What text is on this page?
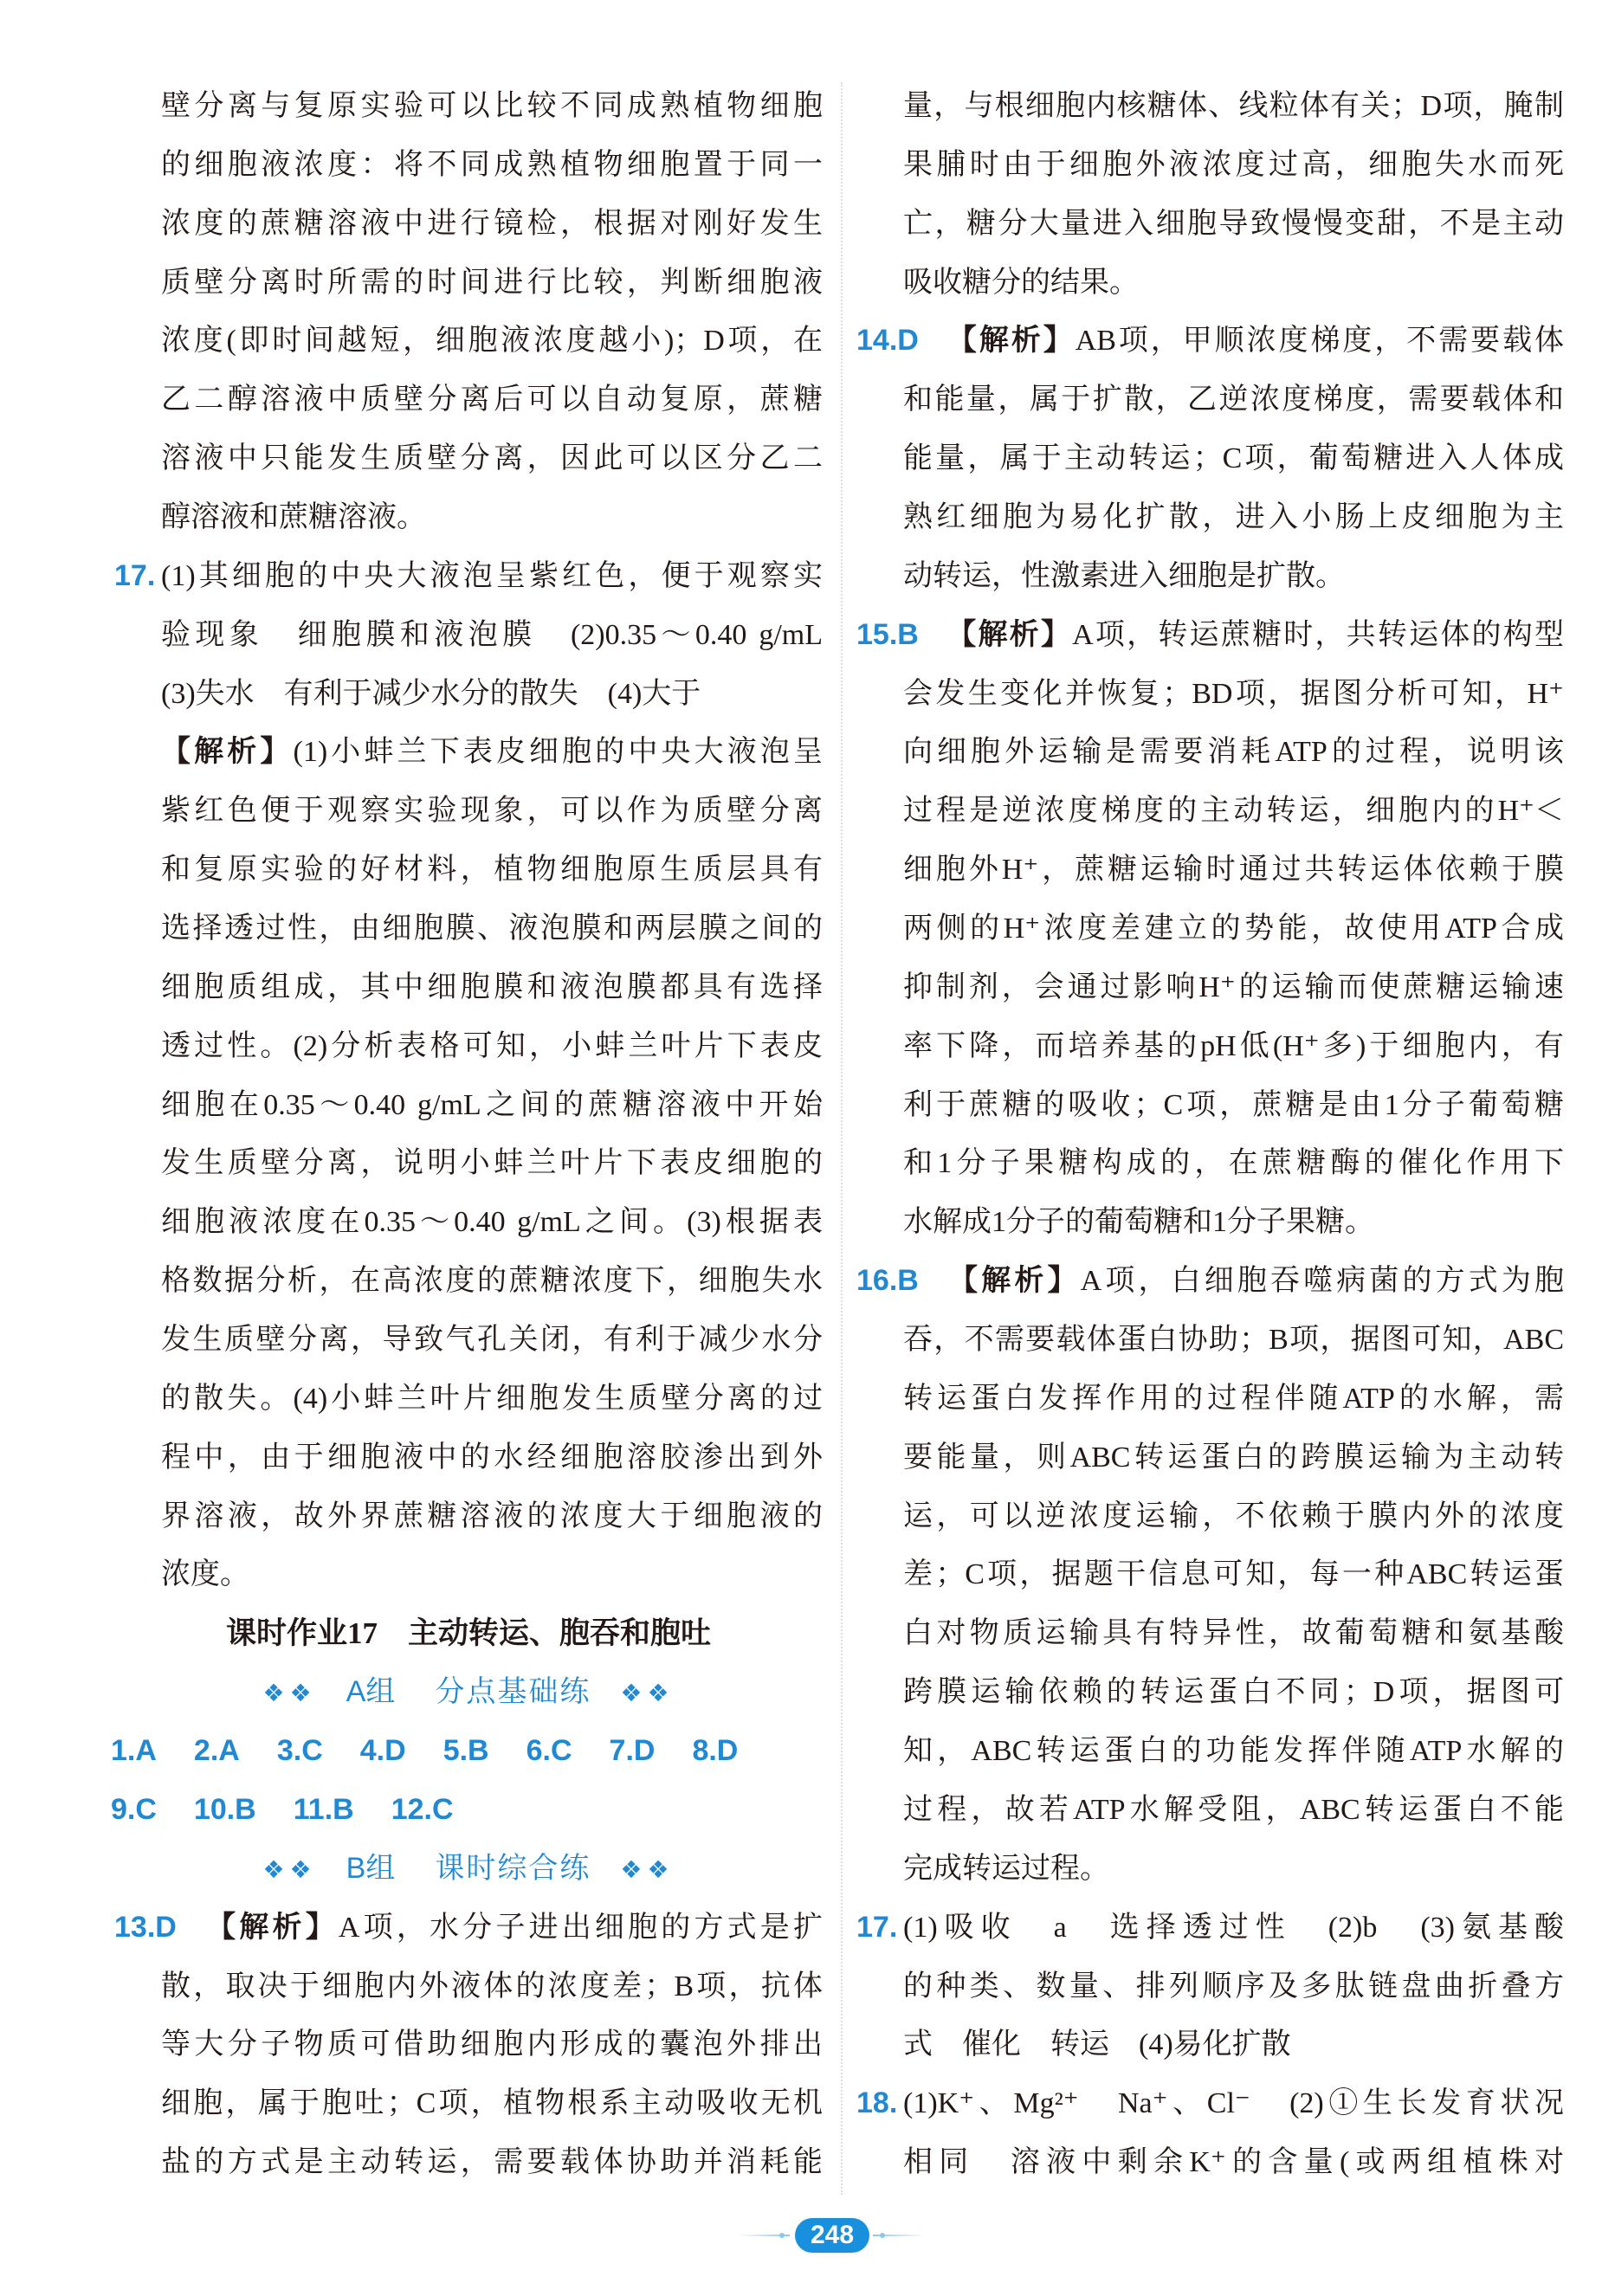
壁分离与复原实验可以比较不同成熟植物细胞
的细胞液浓度：将不同成熟植物细胞置于同一
浓度的蔗糖溶液中进行镜检，根据对刚好发生
质壁分离时所需的时间进行比较，判断细胞液
浓度(即时间越短，细胞液浓度越小)；D项，在
乙二醇溶液中质壁分离后可以自动复原，蔗糖
溶液中只能发生质壁分离，因此可以区分乙二
醇溶液和蔗糖溶液。
17. (1)其细胞的中央大液泡呈紫红色，便于观察实
验现象　细胞膜和液泡膜　(2)0.35～0.40 g/mL
(3)失水　有利于减少水分的散失　(4)大于
【解析】(1)小蚌兰下表皮细胞的中央大液泡呈
紫红色便于观察实验现象，可以作为质壁分离
和复原实验的好材料，植物细胞原生质层具有
选择透过性，由细胞膜、液泡膜和两层膜之间的
细胞质组成，其中细胞膜和液泡膜都具有选择
透过性。(2)分析表格可知，小蚌兰叶片下表皮
细胞在0.35～0.40 g/mL之间的蔗糖溶液中开始
发生质壁分离，说明小蚌兰叶片下表皮细胞的
细胞液浓度在0.35～0.40 g/mL之间。(3)根据表
格数据分析，在高浓度的蔗糖浓度下，细胞失水
发生质壁分离，导致气孔关闭，有利于减少水分
的散失。(4)小蚌兰叶片细胞发生质壁分离的过
程中，由于细胞液中的水经细胞溶胶渗出到外
界溶液，故外界蔗糖溶液的浓度大于细胞液的
浓度。
课时作业17　主动转运、胞吞和胞吐
❖❖A组 分点基础练❖❖
1.A 2.A 3.C 4.D 5.B 6.C 7.D 8.D
9.C 10.B 11.B 12.C
❖❖B组 课时综合练❖❖
13.D 【解析】A项，水分子进出细胞的方式是扩
散，取决于细胞内外液体的浓度差；B项，抗体
等大分子物质可借助细胞内形成的囊泡外排出
细胞，属于胞吐；C项，植物根系主动吸收无机
盐的方式是主动转运，需要载体协助并消耗能
量，与根细胞内核糖体、线粒体有关；D项，腌制
果脯时由于细胞外液浓度过高，细胞失水而死
亡，糖分大量进入细胞导致慢慢变甜，不是主动
吸收糖分的结果。
14.D 【解析】AB项，甲顺浓度梯度，不需要载体
和能量，属于扩散，乙逆浓度梯度，需要载体和
能量，属于主动转运；C项，葡萄糖进入人体成
熟红细胞为易化扩散，进入小肠上皮细胞为主
动转运，性激素进入细胞是扩散。
15.B 【解析】A项，转运蔗糖时，共转运体的构型
会发生变化并恢复；BD项，据图分析可知，H⁺
向细胞外运输是需要消耗ATP的过程，说明该
过程是逆浓度梯度的主动转运，细胞内的H⁺＜
细胞外H⁺，蔗糖运输时通过共转运体依赖于膜
两侧的H⁺浓度差建立的势能，故使用ATP合成
抑制剂，会通过影响H⁺的运输而使蔗糖运输速
率下降，而培养基的pH低(H⁺多)于细胞内，有
利于蔗糖的吸收；C项，蔗糖是由1分子葡萄糖
和1分子果糖构成的，在蔗糖酶的催化作用下
水解成1分子的葡萄糖和1分子果糖。
16.B 【解析】A项，白细胞吞噬病菌的方式为胞
吞，不需要载体蛋白协助；B项，据图可知，ABC
转运蛋白发挥作用的过程伴随ATP的水解，需
要能量，则ABC转运蛋白的跨膜运输为主动转
运，可以逆浓度运输，不依赖于膜内外的浓度
差；C项，据题干信息可知，每一种ABC转运蛋
白对物质运输具有特异性，故葡萄糖和氨基酸
跨膜运输依赖的转运蛋白不同；D项，据图可
知，ABC转运蛋白的功能发挥伴随ATP水解的
过程，故若ATP水解受阻，ABC转运蛋白不能
完成转运过程。
17. (1)吸收　a　选择透过性　(2)b　(3)氨基酸
的种类、数量、排列顺序及多肽链盘曲折叠方
式　催化　转运　(4)易化扩散
18. (1)K⁺、Mg²⁺　Na⁺、Cl⁻　(2)①生长发育状况
相同　溶液中剩余K⁺的含量(或两组植株对
248
